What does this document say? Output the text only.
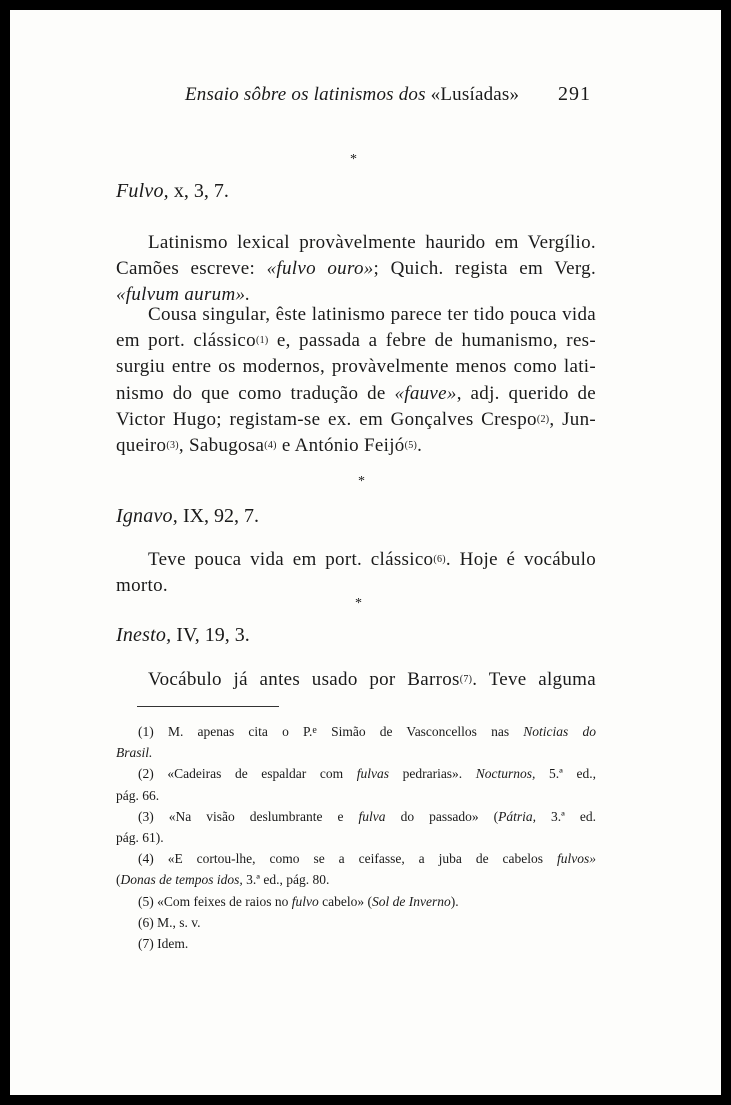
Ensaio sôbre os latinismos dos «Lusíadas» 291
*
Fulvo, x, 3, 7.
Latinismo lexical provàvelmente haurido em Vergílio.
Camões escreve: «fulvo ouro»; Quich. regista em Verg.
«fulvum aurum».
Cousa singular, êste latinismo parece ter tido pouca vida
em port. clássico$^{(1)}$ e, passada a febre de humanismo, res-
surgiu entre os modernos, provàvelmente menos como lati-
nismo do que como tradução de «fauve», adj. querido de
Victor Hugo; registam-se ex. em Gonçalves Crespo$^{(2)}$, Jun-
queiro$^{(3)}$, Sabugosa$^{(4)}$ e António Feijó$^{(5)}$.
*
Ignavo, IX, 92, 7.
Teve pouca vida em port. clássico$^{(6)}$. Hoje é vocábulo
morto.
*
Inesto, IV, 19, 3.
Vocábulo já antes usado por Barros$^{(7)}$. Teve alguma
(1) M. apenas cita o P.$^e$ Simão de Vasconcellos nas Noticias do
Brasil.
(2) «Cadeiras de espaldar com fulvas pedrarias». Nocturnos, 5.ª ed.,
pág. 66.
(3) «Na visão deslumbrante e fulva do passado» (Pátria, 3.ª ed.
pág. 61).
(4) «E cortou-lhe, como se a ceifasse, a juba de cabelos fulvos»
(Donas de tempos idos, 3.ª ed., pág. 80.
(5) «Com feixes de raios no fulvo cabelo» (Sol de Inverno).
(6) M., s. v.
(7) Idem.
